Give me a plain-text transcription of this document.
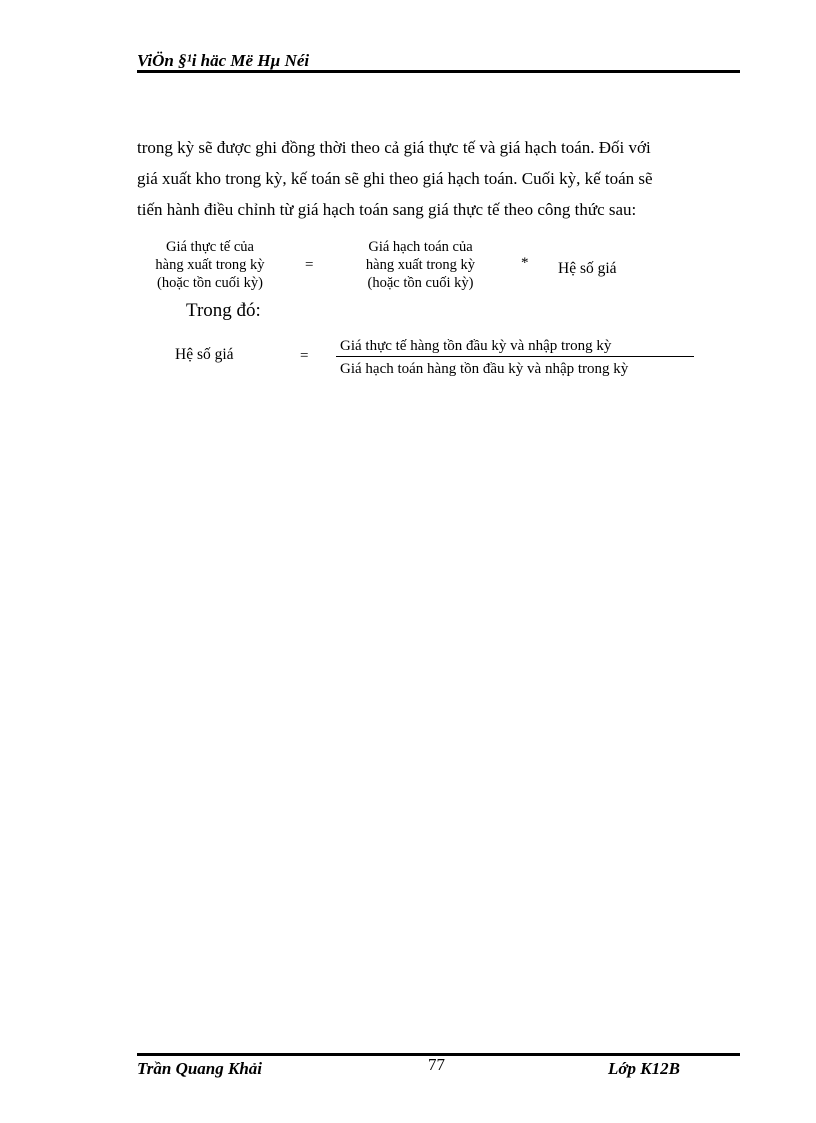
ViÖn §¹i häc Më Hµ Néi
trong kỳ sẽ được ghi đồng thời theo cả giá thực tế và giá hạch toán. Đối với
giá xuất kho trong kỳ, kế toán sẽ ghi theo giá hạch toán. Cuối kỳ, kế toán sẽ
tiến hành điều chỉnh từ giá hạch toán sang giá thực tế theo công thức sau:
Giá thực tế của
hàng xuất trong kỳ
(hoặc tồn cuối kỳ)
=
Giá hạch toán của
hàng xuất trong kỳ
(hoặc tồn cuối kỳ)
* Hệ số giá
Trong đó:
Hệ số giá	=
Giá thực tế hàng tồn đầu kỳ và nhập trong kỳ
Giá hạch toán hàng tồn đầu kỳ và nhập trong kỳ
Trần Quang Khải	77	Lớp K12B
